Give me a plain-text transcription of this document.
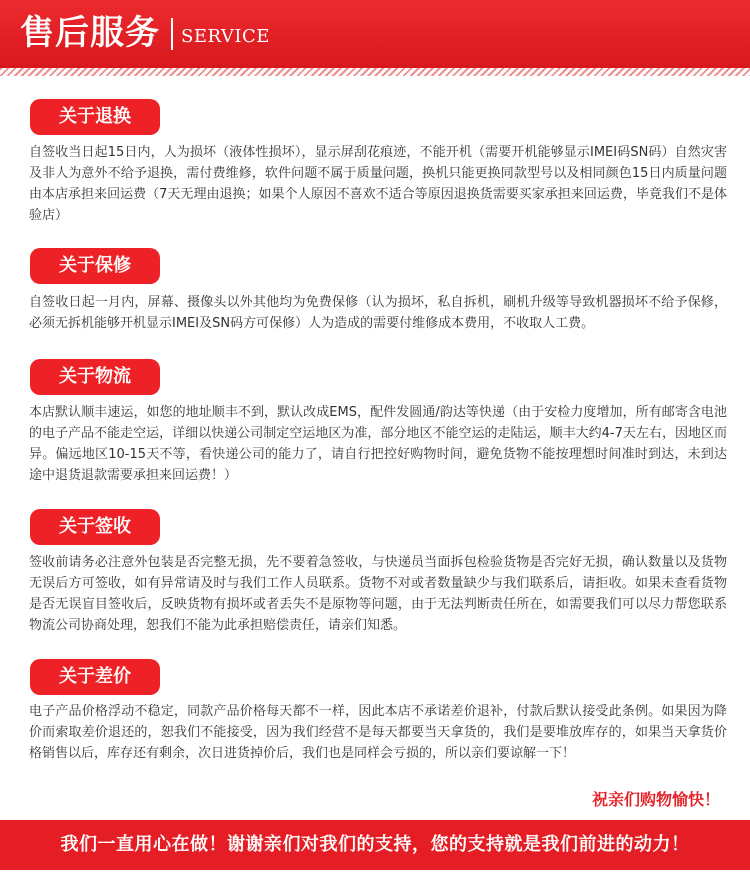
售后服务 SERVICE
关于退换

自签收当日起15日内，人为损坏（液体性损坏），显示屏刮花痕迹，不能开机（需要开机能够显示IMEI码SN码）自然灾害及非人为意外不给予退换，需付费维修，软件问题不属于质量问题，换机只能更换同款型号以及相同颜色15日内质量问题由本店承担来回运费（7天无理由退换；如果个人原因不喜欢不适合等原因退换货需要买家承担来回运费，毕竟我们不是体验店）

关于保修

自签收日起一月内，屏幕、摄像头以外其他均为免费保修（认为损坏，私自拆机，刷机升级等导致机器损坏不给予保修，必须无拆机能够开机显示IMEI及SN码方可保修）人为造成的需要付维修成本费用，不收取人工费。

关于物流

本店默认顺丰速运，如您的地址顺丰不到，默认改成EMS，配件发圆通/韵达等快递（由于安检力度增加，所有邮寄含电池的电子产品不能走空运，详细以快递公司制定空运地区为准，部分地区不能空运的走陆运，顺丰大约4-7天左右，因地区而异。偏远地区10-15天不等，看快递公司的能力了，请自行把控好购物时间，避免货物不能按理想时间准时到达，未到达途中退货退款需要承担来回运费！）

关于签收

签收前请务必注意外包装是否完整无损，先不要着急签收，与快递员当面拆包检验货物是否完好无损，确认数量以及货物无误后方可签收，如有异常请及时与我们工作人员联系。货物不对或者数量缺少与我们联系后，请拒收。如果未查看货物是否无误盲目签收后，反映货物有损坏或者丢失不是原物等问题，由于无法判断责任所在，如需要我们可以尽力帮您联系物流公司协商处理，恕我们不能为此承担赔偿责任，请亲们知悉。

关于差价

电子产品价格浮动不稳定，同款产品价格每天都不一样，因此本店不承诺差价退补，付款后默认接受此条例。如果因为降价而索取差价退还的，恕我们不能接受，因为我们经营不是每天都要当天拿货的，我们是要堆放库存的，如果当天拿货价格销售以后，库存还有剩余，次日进货掉价后，我们也是同样会亏损的，所以亲们要谅解一下！

祝亲们购物愉快！
我们一直用心在做！谢谢亲们对我们的支持，您的支持就是我们前进的动力！
